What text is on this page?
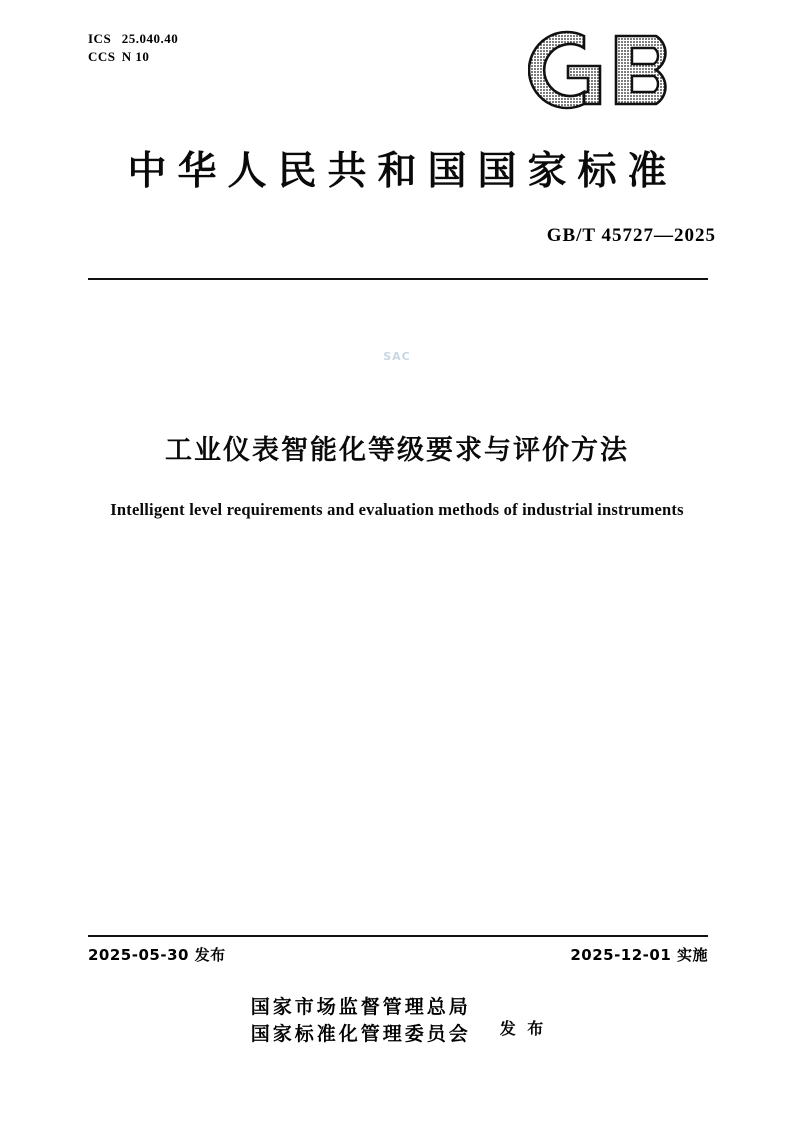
ICS 25.040.40
CCS N 10
中华人民共和国国家标准
GB/T 45727—2025
SAC
工业仪表智能化等级要求与评价方法
Intelligent level requirements and evaluation methods of industrial instruments
2025-05-30 发布	2025-12-01 实施
国家市场监督管理总局
国家标准化管理委员会 发 布
